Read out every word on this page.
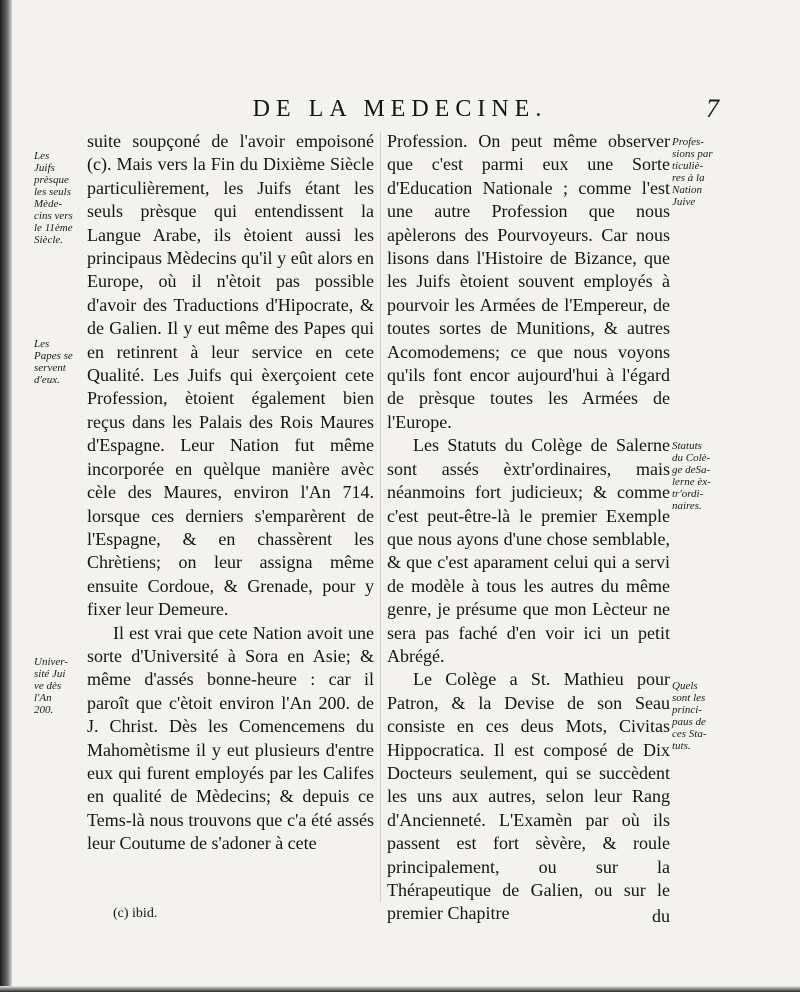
DE LA MEDECINE.	7

suite soupçoné de l'avoir empoisoné (c). Mais vers la Fin du Dixième Siècle particulièrement, les Juifs étant les seuls prèsque qui entendissent la Langue Arabe, ils ètoient aussi les principaus Mèdecins qu'il y eût alors en Europe, où il n'ètoit pas possible d'avoir des Traductions d'Hipocrate, & de Galien. Il y eut même des Papes qui en retinrent à leur service en cete Qualité. Les Juifs qui èxerçoient cete Profession, ètoient également bien reçus dans les Palais des Rois Maures d'Espagne. Leur Nation fut même incorporée en quèlque manière avèc cèle des Maures, environ l'An 714. lorsque ces derniers s'emparèrent de l'Espagne, & en chassèrent les Chrètiens; on leur assigna même ensuite Cordoue, & Grenade, pour y fixer leur Demeure.

Il est vrai que cete Nation avoit une sorte d'Université à Sora en Asie; & même d'assés bonne-heure : car il paroît que c'ètoit environ l'An 200. de J. Christ. Dès les Comencemens du Mahomètisme il y eut plusieurs d'entre eux qui furent employés par les Califes en qualité de Mèdecins; & depuis ce Tems-là nous trouvons que c'a été assés leur Coutume de s'adoner à cete

Profession. On peut même observer que c'est parmi eux une Sorte d'Education Nationale ; comme l'est une autre Profession que nous apèlerons des Pourvoyeurs. Car nous lisons dans l'Histoire de Bizance, que les Juifs ètoient souvent employés à pourvoir les Armées de l'Empereur, de toutes sortes de Munitions, & autres Acomodemens; ce que nous voyons qu'ils font encor aujourd'hui à l'égard de prèsque toutes les Armées de l'Europe.

Les Statuts du Colège de Salerne sont assés èxtr'ordinaires, mais néanmoins fort judicieux; & comme c'est peut-être-là le premier Exemple que nous ayons d'une chose semblable, & que c'est aparament celui qui a servi de modèle à tous les autres du même genre, je présume que mon Lècteur ne sera pas faché d'en voir ici un petit Abrégé.

Le Colège a St. Mathieu pour Patron, & la Devise de son Seau consiste en ces deus Mots, Civitas Hippocratica. Il est composé de Dix Docteurs seulement, qui se succèdent les uns aux autres, selon leur Rang d'Ancienneté. L'Examèn par où ils passent est fort sèvère, & roule principalement, ou sur la Thérapeutique de Galien, ou sur le premier Chapitre

Les
Juifs
prèsque
les seuls
Mède-
cins vers
le 11ème
Siècle.
Les
Papes se
servent
d'eux.
Univer-
sité Jui
ve dès
l'An
200.
Profes-
sions par
ticuliè-
res à la
Nation
Juive
Statuts
du Colè-
ge deSa-
lerne èx-
tr'ordi-
naires.
Quels
sont les
princi-
paus de
ces Sta-
tuts.
(c) ibid.	du
